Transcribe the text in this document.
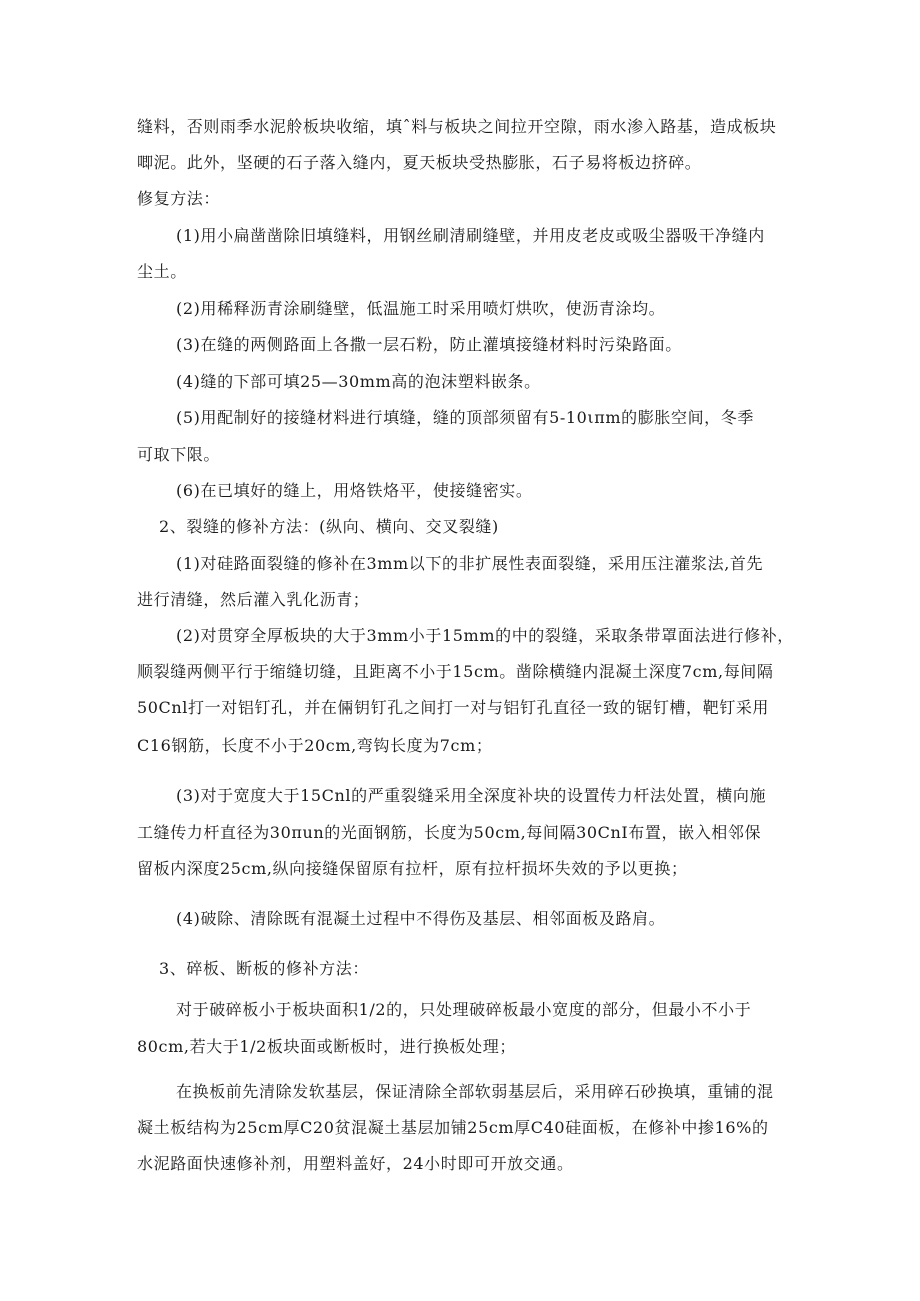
缝料，否则雨季水泥舲板块收缩，填ˆ料与板块之间拉开空隙，雨水渗入路基，造成板块

唧泥。此外，坚硬的石子落入缝内，夏天板块受热膨胀，石子易将板边挤碎。

修复方法：

(1)用小扁凿凿除旧填缝料，用钢丝刷清刷缝壁，并用皮老皮或吸尘器吸干净缝内

尘土。

(2)用稀释沥青涂刷缝壁，低温施工时采用喷灯烘吹，使沥青涂均。

(3)在缝的两侧路面上各撒一层石粉，防止灌填接缝材料时污染路面。

(4)缝的下部可填25—30mm高的泡沫塑料嵌条。

(5)用配制好的接缝材料进行填缝，缝的顶部须留有5-10ιπm的膨胀空间，冬季

可取下限。

(6)在已填好的缝上，用烙铁烙平，使接缝密实。

2、裂缝的修补方法：(纵向、横向、交叉裂缝)

(1)对硅路面裂缝的修补在3mm以下的非扩展性表面裂缝，采用压注灌浆法,首先

进行清缝，然后灌入乳化沥青；

(2)对贯穿全厚板块的大于3mm小于15mm的中的裂缝，采取条带罩面法进行修补，

顺裂缝两侧平行于缩缝切缝，且距离不小于15cm。凿除横缝内混凝土深度7cm,每间隔

50Cnl打一对铝钉孔，并在倆钥钉孔之间打一对与铝钉孔直径一致的锯钉槽，靶钉采用

C16钢筋，长度不小于20cm,弯钩长度为7cm；

(3)对于宽度大于15Cnl的严重裂缝采用全深度补块的设置传力杆法处置，横向施

工缝传力杆直径为30πun的光面钢筋，长度为50cm,每间隔30CnI布置，嵌入相邻保

留板内深度25cm,纵向接缝保留原有拉杆，原有拉杆损坏失效的予以更换；

(4)破除、清除既有混凝土过程中不得伤及基层、相邻面板及路肩。

3、碎板、断板的修补方法：

对于破碎板小于板块面积1/2的，只处理破碎板最小宽度的部分，但最小不小于

80cm,若大于1/2板块面或断板时，进行换板处理；

在换板前先清除发软基层，保证清除全部软弱基层后，采用碎石砂换填，重铺的混

凝土板结构为25cm厚C20贫混凝土基层加铺25cm厚C40硅面板，在修补中掺16%的

水泥路面快速修补剂，用塑料盖好，24小时即可开放交通。
